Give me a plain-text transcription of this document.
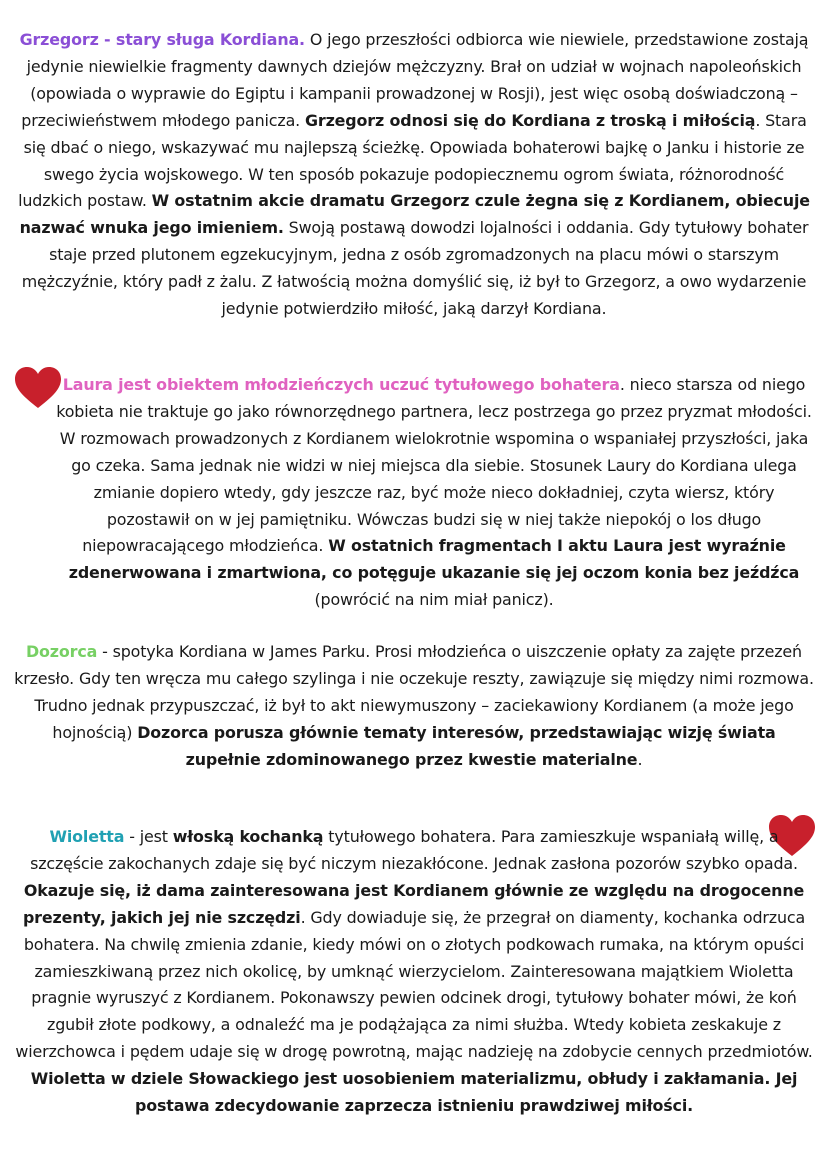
Grzegorz - stary sługa Kordiana. O jego przeszłości odbiorca wie niewiele, przedstawione zostają jedynie niewielkie fragmenty dawnych dziejów mężczyzny. Brał on udział w wojnach napoleońskich (opowiada o wyprawie do Egiptu i kampanii prowadzonej w Rosji), jest więc osobą doświadczoną – przeciwieństwem młodego panicza. Grzegorz odnosi się do Kordiana z troską i miłością. Stara się dbać o niego, wskazywać mu najlepszą ścieżkę. Opowiada bohaterowi bajkę o Janku i historie ze swego życia wojskowego. W ten sposób pokazuje podopiecznemu ogrom świata, różnorodność ludzkich postaw. W ostatnim akcie dramatu Grzegorz czule żegna się z Kordianem, obiecuje nazwać wnuka jego imieniem. Swoją postawą dowodzi lojalności i oddania. Gdy tytułowy bohater staje przed plutonem egzekucyjnym, jedna z osób zgromadzonych na placu mówi o starszym mężczyźnie, który padł z żalu. Z łatwością można domyślić się, iż był to Grzegorz, a owo wydarzenie jedynie potwierdziło miłość, jaką darzył Kordiana.

Laura jest obiektem młodzieńczych uczuć tytułowego bohatera. nieco starsza od niego kobieta nie traktuje go jako równorzędnego partnera, lecz postrzega go przez pryzmat młodości. W rozmowach prowadzonych z Kordianem wielokrotnie wspomina o wspaniałej przyszłości, jaka go czeka. Sama jednak nie widzi w niej miejsca dla siebie. Stosunek Laury do Kordiana ulega zmianie dopiero wtedy, gdy jeszcze raz, być może nieco dokładniej, czyta wiersz, który pozostawił on w jej pamiętniku. Wówczas budzi się w niej także niepokój o los długo niepowracającego młodzieńca. W ostatnich fragmentach I aktu Laura jest wyraźnie zdenerwowana i zmartwiona, co potęguje ukazanie się jej oczom konia bez jeźdźca (powrócić na nim miał panicz).

Dozorca - spotyka Kordiana w James Parku. Prosi młodzieńca o uiszczenie opłaty za zajęte przezeń krzesło. Gdy ten wręcza mu całego szylinga i nie oczekuje reszty, zawiązuje się między nimi rozmowa. Trudno jednak przypuszczać, iż był to akt niewymuszony – zaciekawiony Kordianem (a może jego hojnością) Dozorca porusza głównie tematy interesów, przedstawiając wizję świata zupełnie zdominowanego przez kwestie materialne.

Wioletta - jest włoską kochanką tytułowego bohatera. Para zamieszkuje wspaniałą willę, a szczęście zakochanych zdaje się być niczym niezakłócone. Jednak zasłona pozorów szybko opada. Okazuje się, iż dama zainteresowana jest Kordianem głównie ze względu na drogocenne prezenty, jakich jej nie szczędzi. Gdy dowiaduje się, że przegrał on diamenty, kochanka odrzuca bohatera. Na chwilę zmienia zdanie, kiedy mówi on o złotych podkowach rumaka, na którym opuści zamieszkiwaną przez nich okolicę, by umknąć wierzycielom. Zainteresowana majątkiem Wioletta pragnie wyruszyć z Kordianem. Pokonawszy pewien odcinek drogi, tytułowy bohater mówi, że koń zgubił złote podkowy, a odnaleźć ma je podążająca za nimi służba. Wtedy kobieta zeskakuje z wierzchowca i pędem udaje się w drogę powrotną, mając nadzieję na zdobycie cennych przedmiotów. Wioletta w dziele Słowackiego jest uosobieniem materializmu, obłudy i zakłamania. Jej postawa zdecydowanie zaprzecza istnieniu prawdziwej miłości.
